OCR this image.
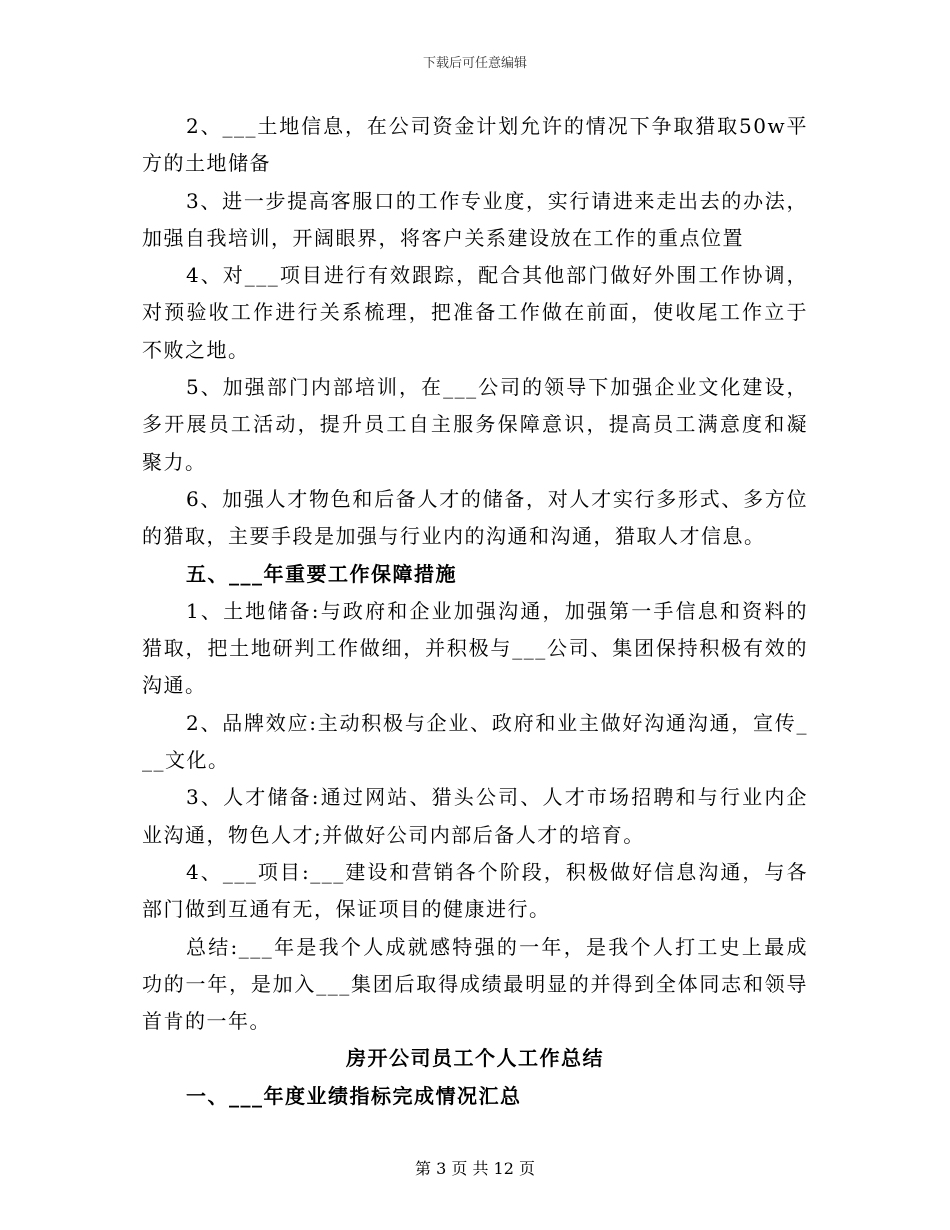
下载后可任意编辑

2、___土地信息，在公司资金计划允许的情况下争取猎取50w平方的土地储备

3、进一步提高客服口的工作专业度，实行请进来走出去的办法，加强自我培训，开阔眼界，将客户关系建设放在工作的重点位置

4、对___项目进行有效跟踪，配合其他部门做好外围工作协调，对预验收工作进行关系梳理，把准备工作做在前面，使收尾工作立于不败之地。

5、加强部门内部培训，在___公司的领导下加强企业文化建设，多开展员工活动，提升员工自主服务保障意识，提高员工满意度和凝聚力。

6、加强人才物色和后备人才的储备，对人才实行多形式、多方位的猎取，主要手段是加强与行业内的沟通和沟通，猎取人才信息。

五、___年重要工作保障措施

1、土地储备:与政府和企业加强沟通，加强第一手信息和资料的猎取，把土地研判工作做细，并积极与___公司、集团保持积极有效的沟通。

2、品牌效应:主动积极与企业、政府和业主做好沟通沟通，宣传___文化。

3、人才储备:通过网站、猎头公司、人才市场招聘和与行业内企业沟通，物色人才;并做好公司内部后备人才的培育。

4、___项目:___建设和营销各个阶段，积极做好信息沟通，与各部门做到互通有无，保证项目的健康进行。

总结:___年是我个人成就感特强的一年，是我个人打工史上最成功的一年，是加入___集团后取得成绩最明显的并得到全体同志和领导首肯的一年。

房开公司员工个人工作总结

一、___年度业绩指标完成情况汇总

第 3 页 共 12 页
